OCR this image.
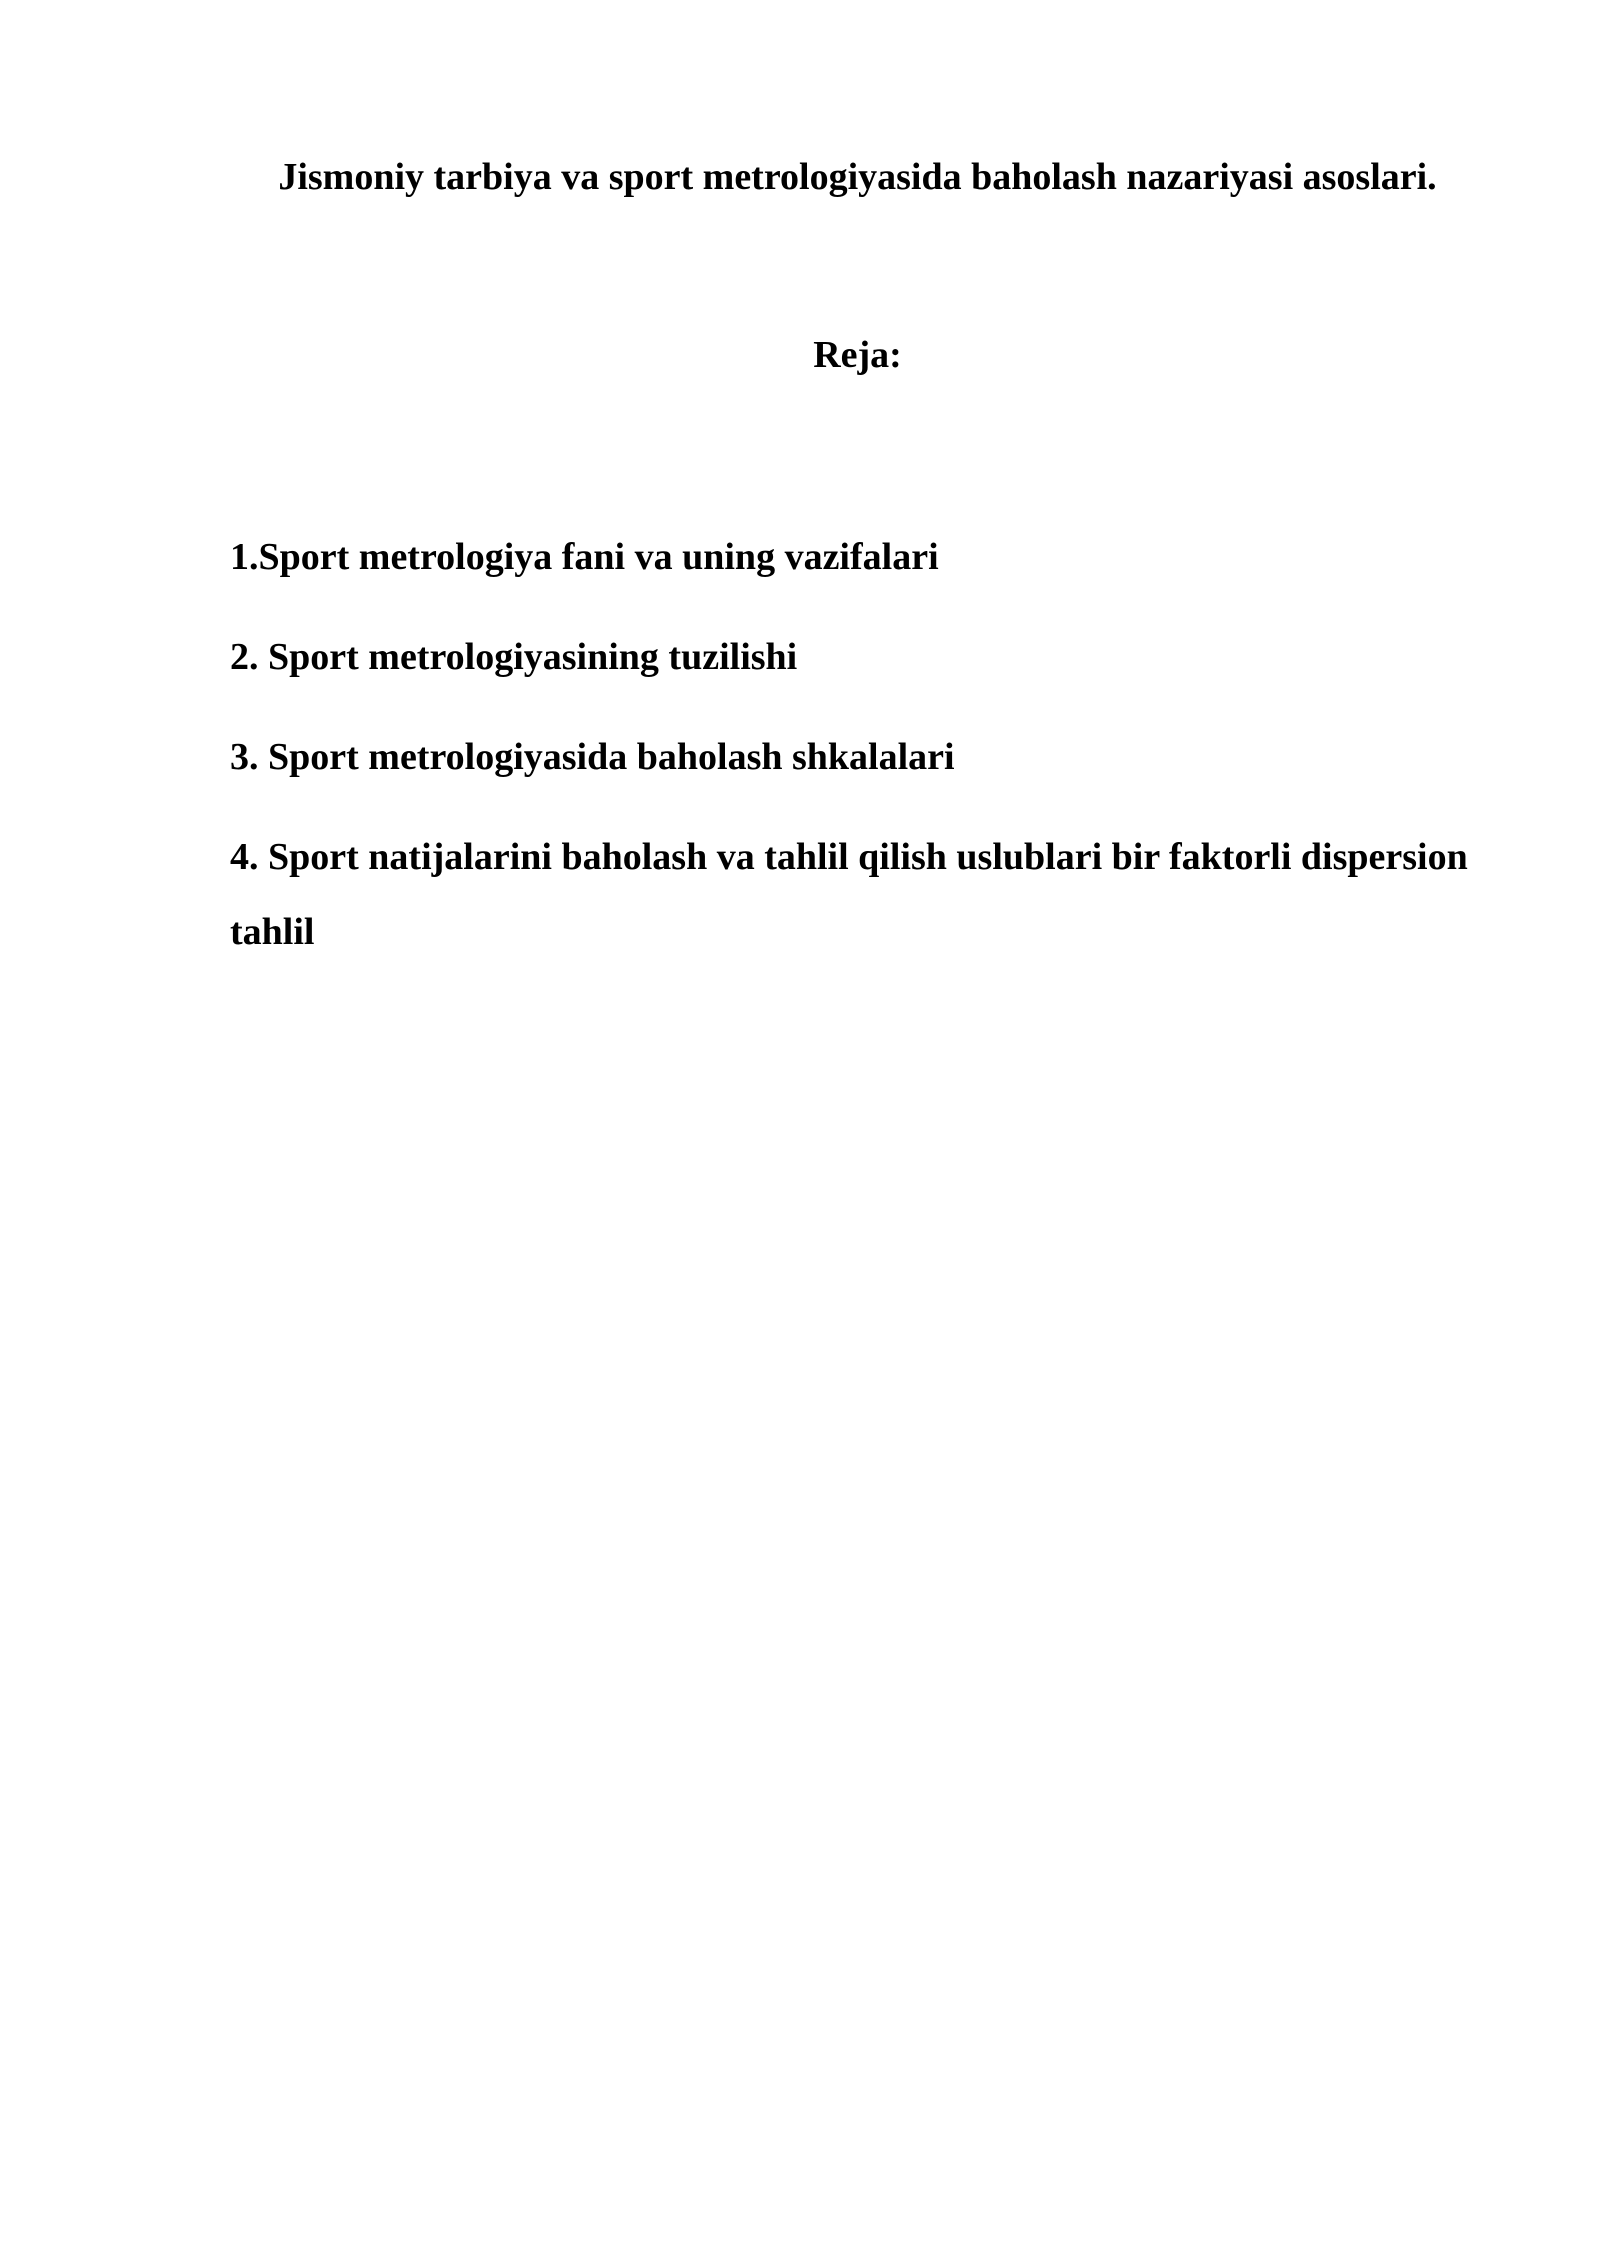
Jismoniy tarbiya va sport metrologiyasida baholash nazariyasi asoslari.
Reja:
1.Sport metrologiya fani va uning vazifalari
2. Sport metrologiyasining tuzilishi
3. Sport metrologiyasida baholash shkalalari
4. Sport natijalarini baholash va tahlil qilish uslublari bir faktorli dispersion tahlil
